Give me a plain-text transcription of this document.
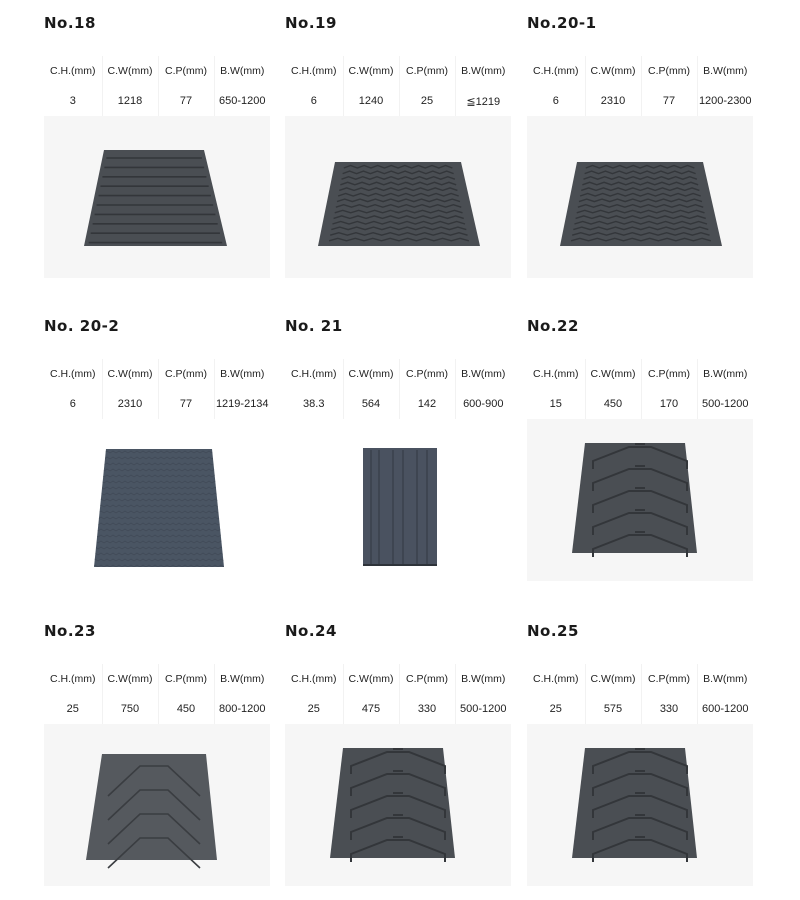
No.18
C.H.(mm)	C.W(mm)	C.P(mm)	B.W(mm)
3	1218	77	650-1200
No.19
C.H.(mm)	C.W(mm)	C.P(mm)	B.W(mm)
6	1240	25	≦1219
No.20-1
C.H.(mm)	C.W(mm)	C.P(mm)	B.W(mm)
6	2310	77	1200-2300
No. 20-2
C.H.(mm)	C.W(mm)	C.P(mm)	B.W(mm)
6	2310	77	1219-2134
No. 21
C.H.(mm)	C.W(mm)	C.P(mm)	B.W(mm)
38.3	564	142	600-900
No.22
C.H.(mm)	C.W(mm)	C.P(mm)	B.W(mm)
15	450	170	500-1200
No.23
C.H.(mm)	C.W(mm)	C.P(mm)	B.W(mm)
25	750	450	800-1200
No.24
C.H.(mm)	C.W(mm)	C.P(mm)	B.W(mm)
25	475	330	500-1200
No.25
C.H.(mm)	C.W(mm)	C.P(mm)	B.W(mm)
25	575	330	600-1200
